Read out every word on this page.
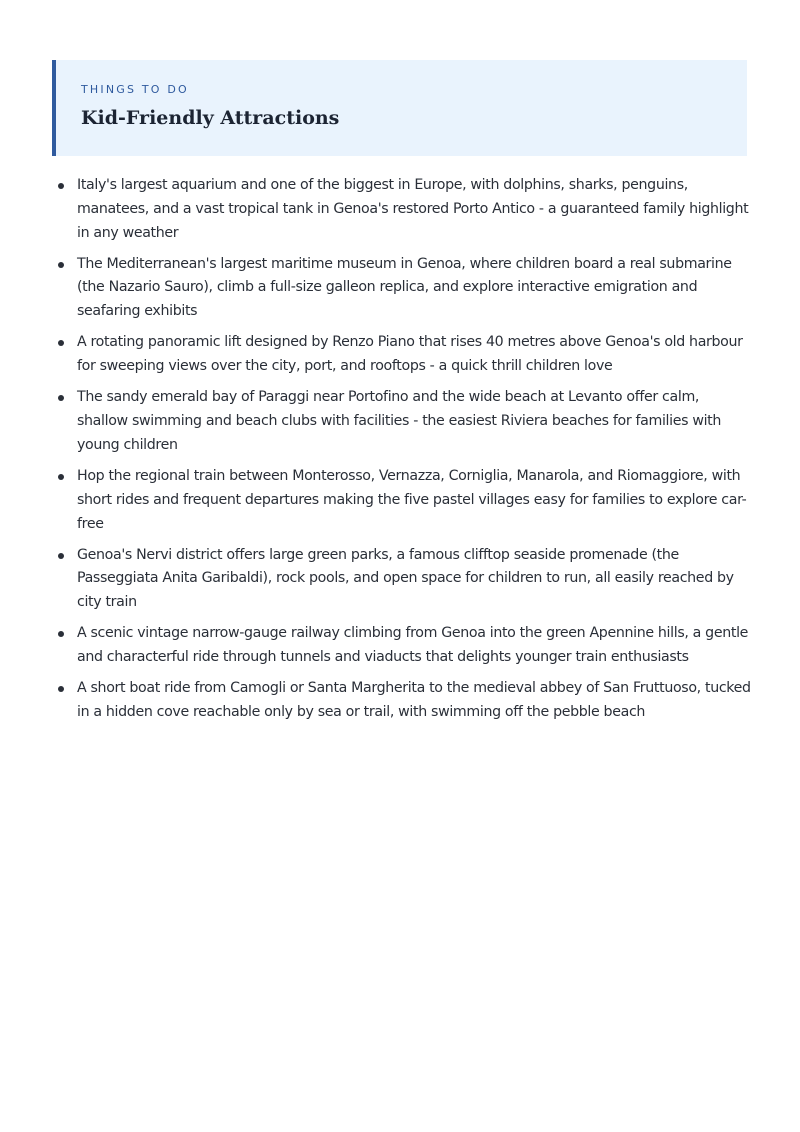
THINGS TO DO
Kid-Friendly Attractions
Italy's largest aquarium and one of the biggest in Europe, with dolphins, sharks, penguins, manatees, and a vast tropical tank in Genoa's restored Porto Antico - a guaranteed family highlight in any weather
The Mediterranean's largest maritime museum in Genoa, where children board a real submarine (the Nazario Sauro), climb a full-size galleon replica, and explore interactive emigration and seafaring exhibits
A rotating panoramic lift designed by Renzo Piano that rises 40 metres above Genoa's old harbour for sweeping views over the city, port, and rooftops - a quick thrill children love
The sandy emerald bay of Paraggi near Portofino and the wide beach at Levanto offer calm, shallow swimming and beach clubs with facilities - the easiest Riviera beaches for families with young children
Hop the regional train between Monterosso, Vernazza, Corniglia, Manarola, and Riomaggiore, with short rides and frequent departures making the five pastel villages easy for families to explore car-free
Genoa's Nervi district offers large green parks, a famous clifftop seaside promenade (the Passeggiata Anita Garibaldi), rock pools, and open space for children to run, all easily reached by city train
A scenic vintage narrow-gauge railway climbing from Genoa into the green Apennine hills, a gentle and characterful ride through tunnels and viaducts that delights younger train enthusiasts
A short boat ride from Camogli or Santa Margherita to the medieval abbey of San Fruttuoso, tucked in a hidden cove reachable only by sea or trail, with swimming off the pebble beach
